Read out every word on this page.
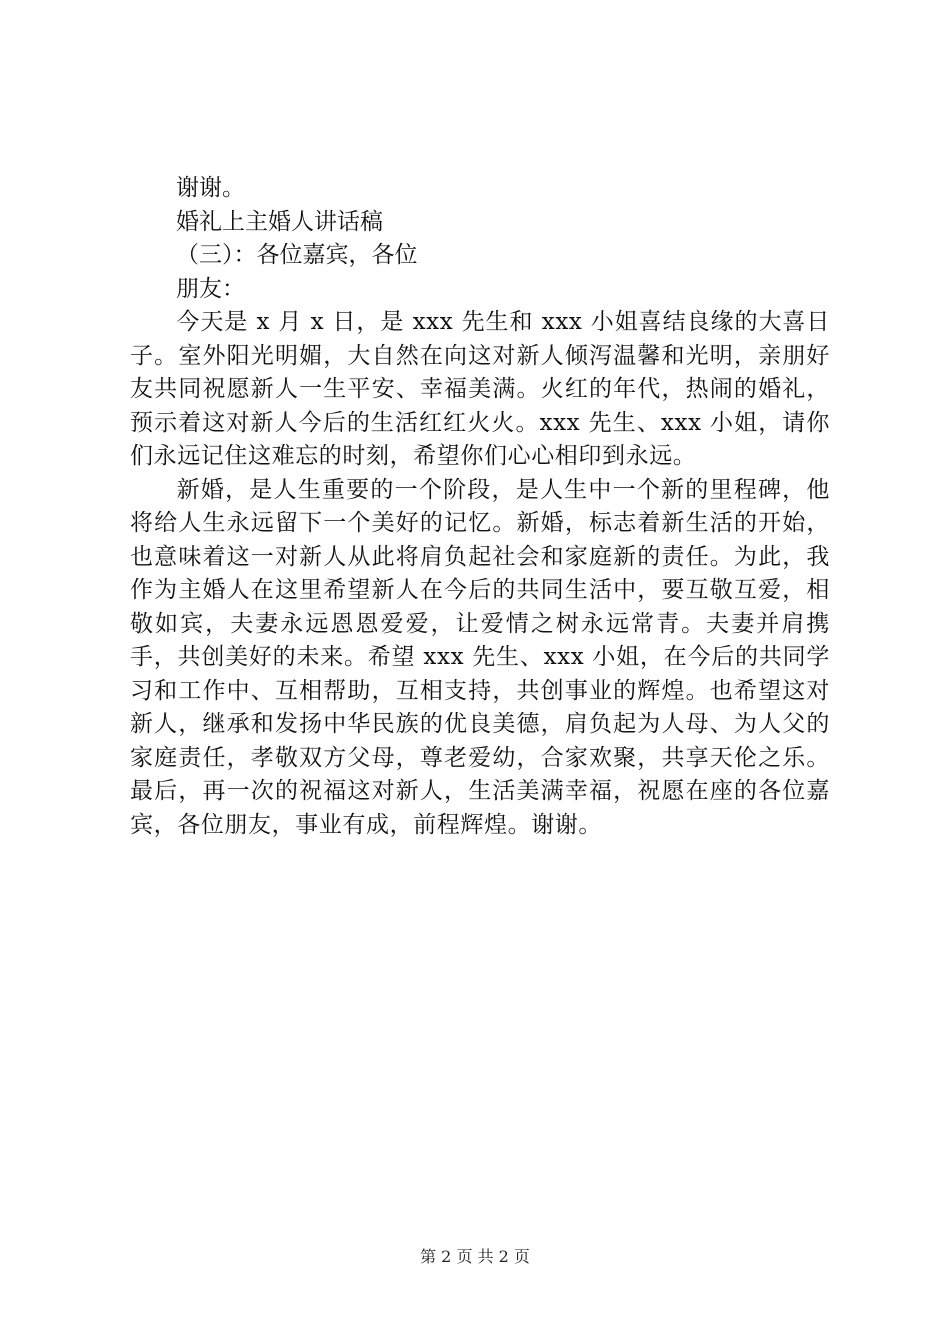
谢谢。

婚礼上主婚人讲话稿

（三）：各位嘉宾，各位

朋友：

今天是 x 月 x 日，是 xxx 先生和 xxx 小姐喜结良缘的大喜日子。室外阳光明媚，大自然在向这对新人倾泻温馨和光明，亲朋好友共同祝愿新人一生平安、幸福美满。火红的年代，热闹的婚礼，预示着这对新人今后的生活红红火火。xxx 先生、xxx 小姐，请你们永远记住这难忘的时刻，希望你们心心相印到永远。

新婚，是人生重要的一个阶段，是人生中一个新的里程碑，他将给人生永远留下一个美好的记忆。新婚，标志着新生活的开始，也意味着这一对新人从此将肩负起社会和家庭新的责任。为此，我作为主婚人在这里希望新人在今后的共同生活中，要互敬互爱，相敬如宾，夫妻永远恩恩爱爱，让爱情之树永远常青。夫妻并肩携手，共创美好的未来。希望 xxx 先生、xxx 小姐，在今后的共同学习和工作中、互相帮助，互相支持，共创事业的辉煌。也希望这对新人，继承和发扬中华民族的优良美德，肩负起为人母、为人父的家庭责任，孝敬双方父母，尊老爱幼，合家欢聚，共享天伦之乐。最后，再一次的祝福这对新人，生活美满幸福，祝愿在座的各位嘉宾，各位朋友，事业有成，前程辉煌。谢谢。

第 2 页 共 2 页
